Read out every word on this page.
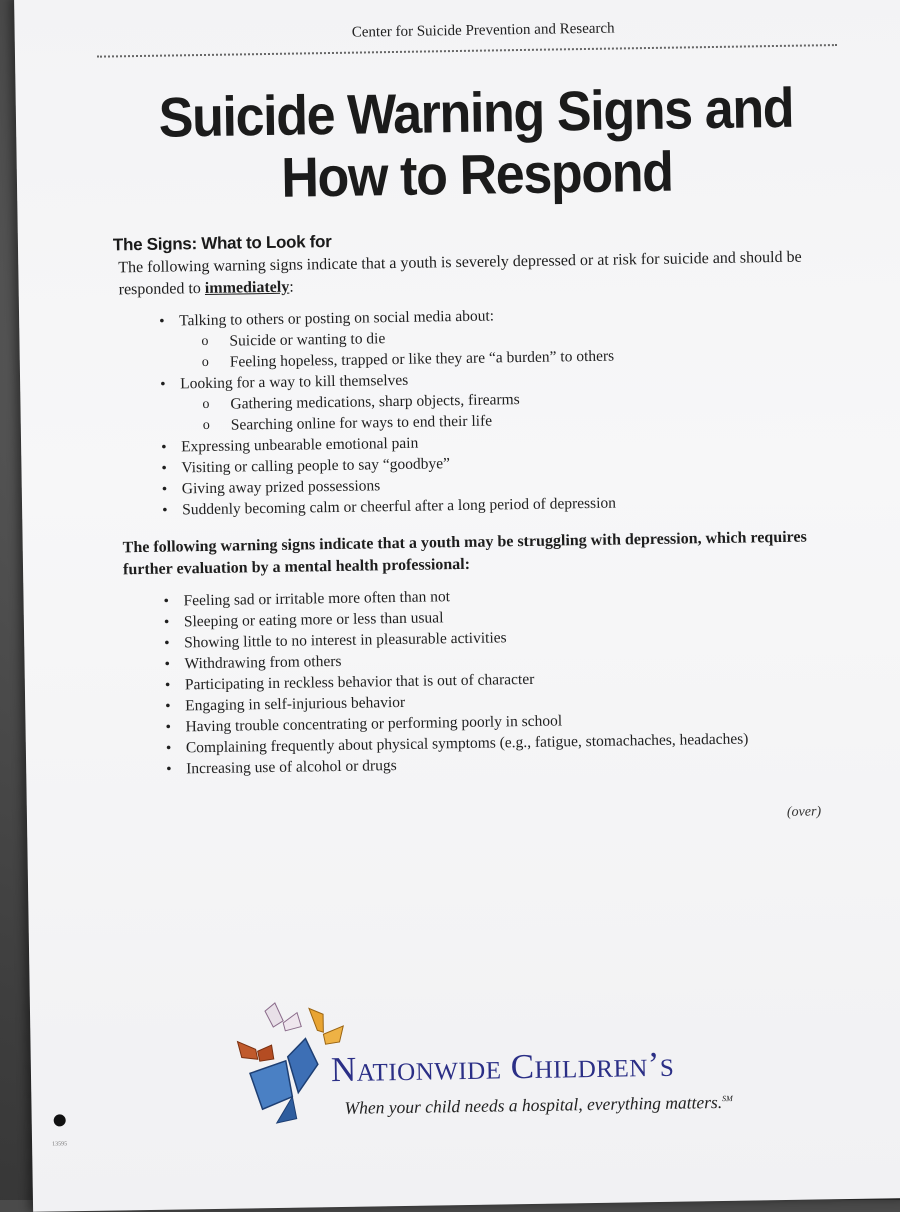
Center for Suicide Prevention and Research
Suicide Warning Signs and
How to Respond
The Signs: What to Look for
The following warning signs indicate that a youth is severely depressed or at risk for suicide and should be responded to immediately:
• Talking to others or posting on social media about:
o Suicide or wanting to die
o Feeling hopeless, trapped or like they are “a burden” to others
• Looking for a way to kill themselves
o Gathering medications, sharp objects, firearms
o Searching online for ways to end their life
• Expressing unbearable emotional pain
• Visiting or calling people to say “goodbye”
• Giving away prized possessions
• Suddenly becoming calm or cheerful after a long period of depression
The following warning signs indicate that a youth may be struggling with depression, which requires further evaluation by a mental health professional:
• Feeling sad or irritable more often than not
• Sleeping or eating more or less than usual
• Showing little to no interest in pleasurable activities
• Withdrawing from others
• Participating in reckless behavior that is out of character
• Engaging in self-injurious behavior
• Having trouble concentrating or performing poorly in school
• Complaining frequently about physical symptoms (e.g., fatigue, stomachaches, headaches)
• Increasing use of alcohol or drugs
(over)
Nationwide Children’s
When your child needs a hospital, everything matters.℠
13595
